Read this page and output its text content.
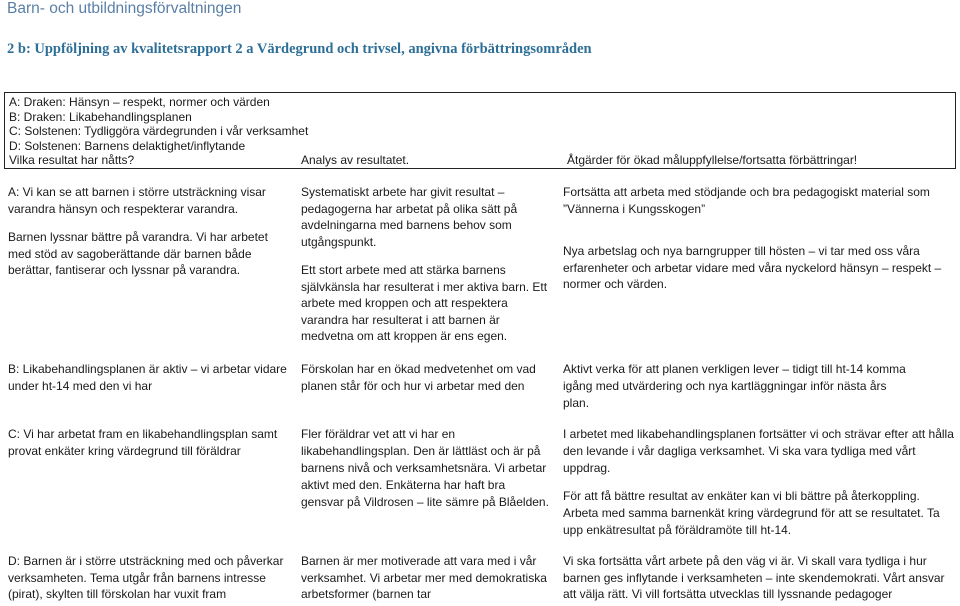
Barn- och utbildningsförvaltningen
2 b: Uppföljning av kvalitetsrapport 2 a Värdegrund och trivsel, angivna förbättringsområden
A: Draken: Hänsyn – respekt, normer och värden
B: Draken: Likabehandlingsplanen
C: Solstenen: Tydliggöra värdegrunden i vår verksamhet
D: Solstenen: Barnens delaktighet/inflytande
Vilka resultat har nåtts?	Analys av resultatet.	Åtgärder för ökad måluppfyllelse/fortsatta förbättringar!
A: Vi kan se att barnen i större utsträckning visar varandra hänsyn och respekterar varandra.
Barnen lyssnar bättre på varandra. Vi har arbetet med stöd av sagoberättande där barnen både berättar, fantiserar och lyssnar på varandra.
Systematiskt arbete har givit resultat – pedagogerna har arbetat på olika sätt på avdelningarna med barnens behov som utgångspunkt.
Ett stort arbete med att stärka barnens självkänsla har resulterat i mer aktiva barn. Ett arbete med kroppen och att respektera varandra har resulterat i att barnen är medvetna om att kroppen är ens egen.
Fortsätta att arbeta med stödjande och bra pedagogiskt material som ”Vännerna i Kungsskogen”
Nya arbetslag och nya barngrupper till hösten – vi tar med oss våra erfarenheter och arbetar vidare med våra nyckelord hänsyn – respekt – normer och värden.
B: Likabehandlingsplanen är aktiv – vi arbetar vidare under ht-14 med den vi har
Förskolan har en ökad medvetenhet om vad planen står för och hur vi arbetar med den
Aktivt verka för att planen verkligen lever – tidigt till ht-14 komma igång med utvärdering och nya kartläggningar inför nästa års plan.
C: Vi har arbetat fram en likabehandlingsplan samt provat enkäter kring värdegrund till föräldrar
Fler föräldrar vet att vi har en likabehandlingsplan. Den är lättläst och är på barnens nivå och verksamhetsnära. Vi arbetar aktivt med den. Enkäterna har haft bra gensvar på Vildrosen – lite sämre på Blåelden.
I arbetet med likabehandlingsplanen fortsätter vi och strävar efter att hålla den levande i vår dagliga verksamhet. Vi ska vara tydliga med vårt uppdrag.
För att få bättre resultat av enkäter kan vi bli bättre på återkoppling. Arbeta med samma barnenkät kring värdegrund för att se resultatet. Ta upp enkätresultat på föräldramöte till ht-14.
D: Barnen är i större utsträckning med och påverkar verksamheten. Tema utgår från barnens intresse (pirat), skylten till förskolan har vuxit fram
Barnen är mer motiverade att vara med i vår verksamhet. Vi arbetar mer med demokratiska arbetsformer (barnen tar
Vi ska fortsätta vårt arbete på den väg vi är. Vi skall vara tydliga i hur barnen ges inflytande i verksamheten – inte skendemokrati. Vårt ansvar att välja rätt. Vi vill fortsätta utvecklas till lyssnande pedagoger
